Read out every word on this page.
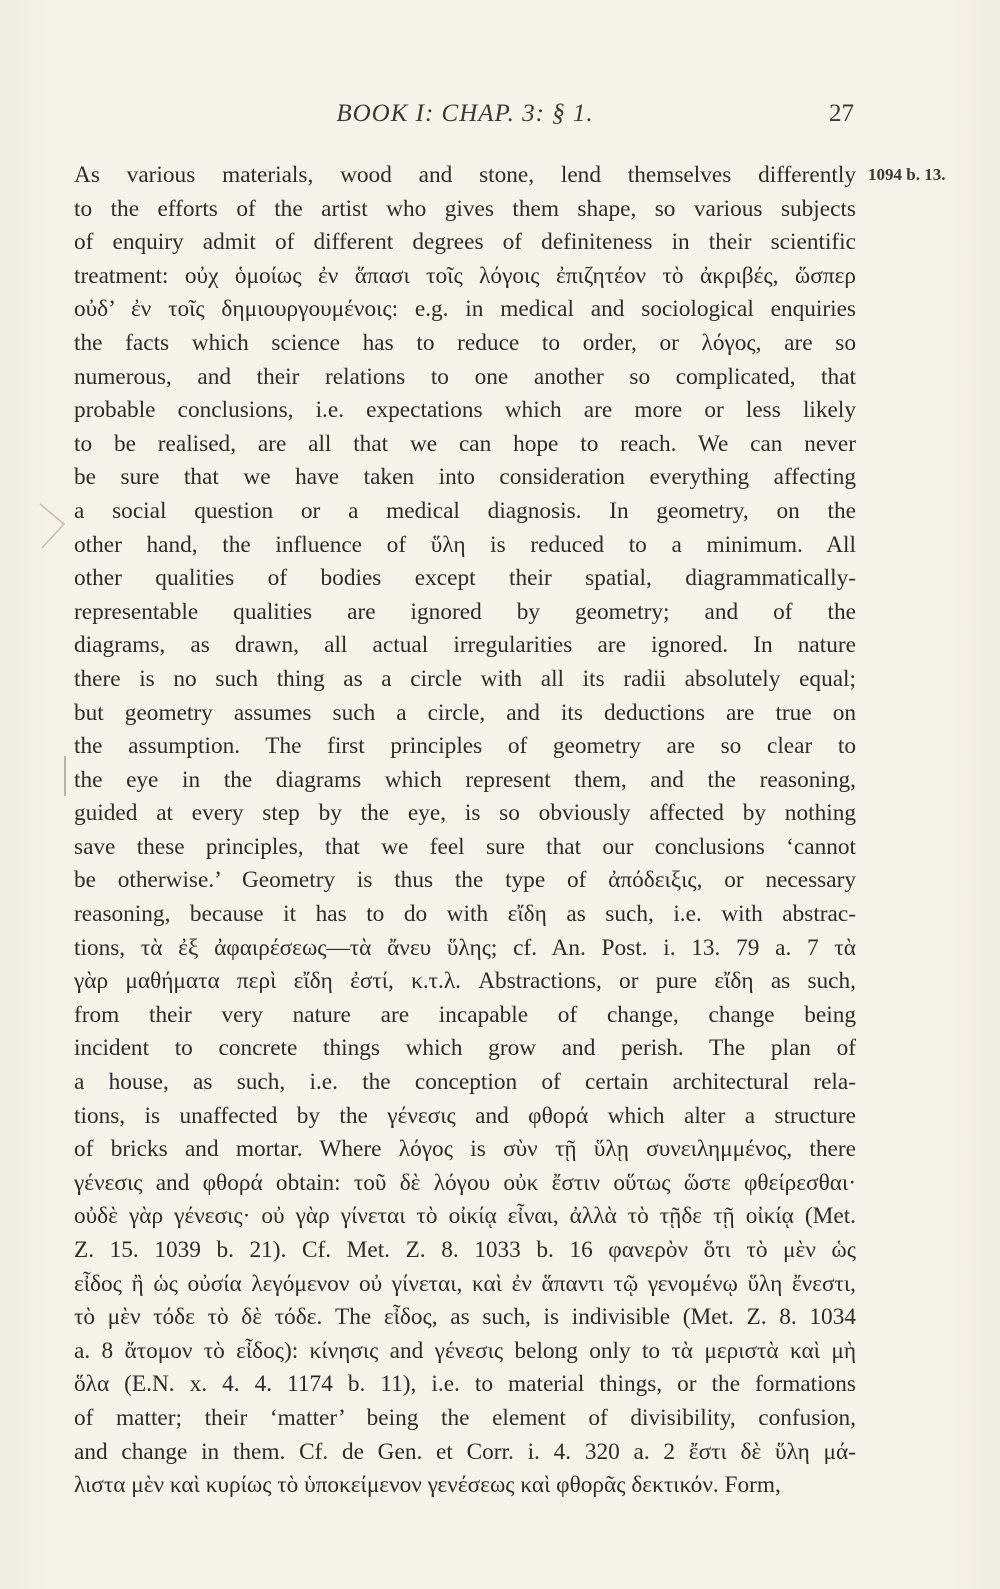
BOOK I: CHAP. 3: § 1.	27
1094 b. 13.
As various materials, wood and stone, lend themselves differently
to the efforts of the artist who gives them shape, so various subjects
of enquiry admit of different degrees of definiteness in their scientific
treatment: οὐχ ὁμοίως ἐν ἅπασι τοῖς λόγοις ἐπιζητέον τὸ ἀκριβές, ὥσπερ
οὐδ’ ἐν τοῖς δημιουργουμένοις: e.g. in medical and sociological enquiries
the facts which science has to reduce to order, or λόγος, are so
numerous, and their relations to one another so complicated, that
probable conclusions, i.e. expectations which are more or less likely
to be realised, are all that we can hope to reach. We can never
be sure that we have taken into consideration everything affecting
a social question or a medical diagnosis. In geometry, on the
other hand, the influence of ὕλη is reduced to a minimum. All
other qualities of bodies except their spatial, diagrammatically-
representable qualities are ignored by geometry; and of the
diagrams, as drawn, all actual irregularities are ignored. In nature
there is no such thing as a circle with all its radii absolutely equal;
but geometry assumes such a circle, and its deductions are true on
the assumption. The first principles of geometry are so clear to
the eye in the diagrams which represent them, and the reasoning,
guided at every step by the eye, is so obviously affected by nothing
save these principles, that we feel sure that our conclusions ‘cannot
be otherwise.’ Geometry is thus the type of ἀπόδειξις, or necessary
reasoning, because it has to do with εἴδη as such, i.e. with abstrac-
tions, τὰ ἐξ ἀφαιρέσεως—τὰ ἄνευ ὕλης; cf. An. Post. i. 13. 79 a. 7 τὰ
γὰρ μαθήματα περὶ εἴδη ἐστί, κ.τ.λ. Abstractions, or pure εἴδη as such,
from their very nature are incapable of change, change being
incident to concrete things which grow and perish. The plan of
a house, as such, i.e. the conception of certain architectural rela-
tions, is unaffected by the γένεσις and φθορά which alter a structure
of bricks and mortar. Where λόγος is σὺν τῇ ὕλῃ συνειλημμένος, there
γένεσις and φθορά obtain: τοῦ δὲ λόγου οὐκ ἔστιν οὕτως ὥστε φθείρεσθαι·
οὐδὲ γὰρ γένεσις· οὐ γὰρ γίνεται τὸ οἰκίᾳ εἶναι, ἀλλὰ τὸ τῇδε τῇ οἰκίᾳ (Met.
Z. 15. 1039 b. 21). Cf. Met. Z. 8. 1033 b. 16 φανερὸν ὅτι τὸ μὲν ὡς
εἶδος ἢ ὡς οὐσία λεγόμενον οὐ γίνεται, καὶ ἐν ἅπαντι τῷ γενομένῳ ὕλη ἔνεστι,
τὸ μὲν τόδε τὸ δὲ τόδε. The εἶδος, as such, is indivisible (Met. Z. 8. 1034
a. 8 ἄτομον τὸ εἶδος): κίνησις and γένεσις belong only to τὰ μεριστὰ καὶ μὴ
ὅλα (E.N. x. 4. 4. 1174 b. 11), i.e. to material things, or the formations
of matter; their ‘matter’ being the element of divisibility, confusion,
and change in them. Cf. de Gen. et Corr. i. 4. 320 a. 2 ἔστι δὲ ὕλη μά-
λιστα μὲν καὶ κυρίως τὸ ὑποκείμενον γενέσεως καὶ φθορᾶς δεκτικόν. Form,
